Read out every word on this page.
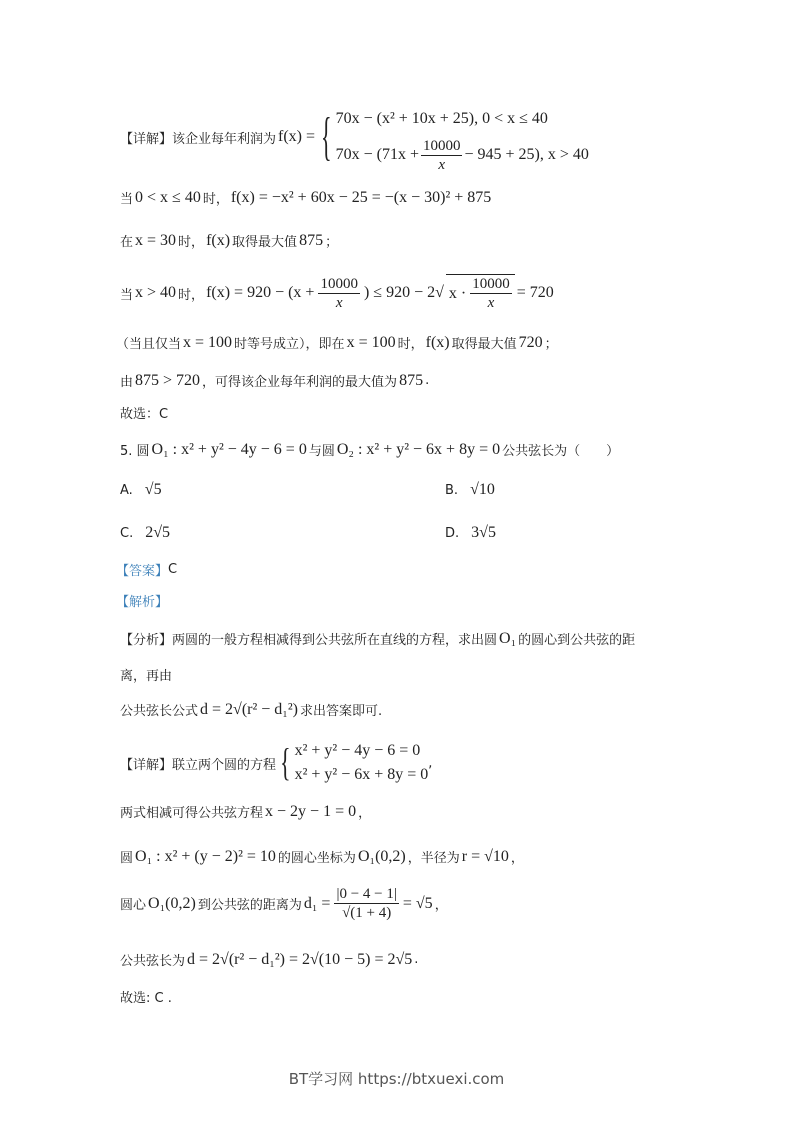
【详解】该企业每年利润为 f(x) = { 70x − (x² + 10x + 25), 0 < x ≤ 40
$70x - (71x + \frac{10000}{x} - 945 + 25)$, x > 40
当 0 < x ≤ 40 时， f(x) = −x² + 60x − 25 = −(x − 30)² + 875
在 x = 30 时， f(x) 取得最大值 875 ；
当 x > 40 时， $f(x) = 920 - (x + \frac{10000}{x}$ ) ≤ 920 − 2√ $x \cdot \frac{10000}{x} = 720$
（当且仅当 x = 100 时等号成立），即在 x = 100 时， f(x) 取得最大值 720 ；
由 875 > 720 ，可得该企业每年利润的最大值为 875 .
故选：C
5. 圆 O₁ : x² + y² − 4y − 6 = 0 与圆 O₂ : x² + y² − 6x + 8y = 0 公共弦长为（　　）
A. √5	B. √10
C. 2√5	D. 3√5
【答案】 C
【解析】
【分析】两圆的一般方程相减得到公共弦所在直线的方程，求出圆 O₁ 的圆心到公共弦的距
离，再由
公共弦长公式 d = 2√(r² − d₁²) 求出答案即可.
【详解】联立两个圆的方程 { x² + y² − 4y − 6 = 0
x² + y² − 6x + 8y = 0
,
两式相减可得公共弦方程 x − 2y − 1 = 0 ，
圆 O₁ : x² + (y − 2)² = 10 的圆心坐标为 O₁(0,2) ，半径为 r = √10 ，
圆心 O₁(0,2) 到公共弦的距离为 $d_1 = \frac{|0 - 4 - 1|}{√(1 + 4)} = √5$ ，
公共弦长为 d = 2√(r² − d₁²) = 2√(10 − 5) = 2√5 .
故选: C .
BT学习网 https://btxuexi.com
